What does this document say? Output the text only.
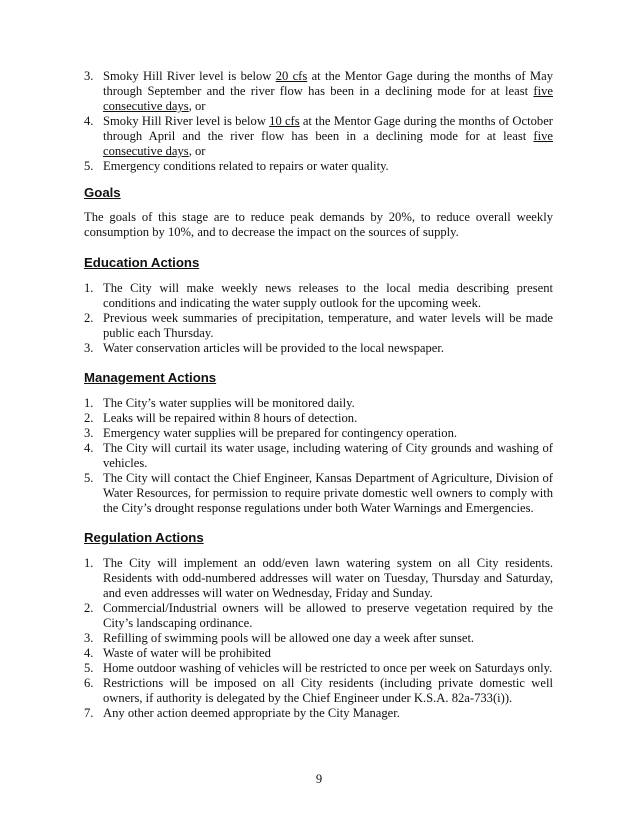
3. Smoky Hill River level is below 20 cfs at the Mentor Gage during the months of May through September and the river flow has been in a declining mode for at least five consecutive days, or
4. Smoky Hill River level is below 10 cfs at the Mentor Gage during the months of October through April and the river flow has been in a declining mode for at least five consecutive days, or
5. Emergency conditions related to repairs or water quality.
Goals

The goals of this stage are to reduce peak demands by 20%, to reduce overall weekly consumption by 10%, and to decrease the impact on the sources of supply.

Education Actions
1. The City will make weekly news releases to the local media describing present conditions and indicating the water supply outlook for the upcoming week.
2. Previous week summaries of precipitation, temperature, and water levels will be made public each Thursday.
3. Water conservation articles will be provided to the local newspaper.
Management Actions
1. The City’s water supplies will be monitored daily.
2. Leaks will be repaired within 8 hours of detection.
3. Emergency water supplies will be prepared for contingency operation.
4. The City will curtail its water usage, including watering of City grounds and washing of vehicles.
5. The City will contact the Chief Engineer, Kansas Department of Agriculture, Division of Water Resources, for permission to require private domestic well owners to comply with the City’s drought response regulations under both Water Warnings and Emergencies.
Regulation Actions
1. The City will implement an odd/even lawn watering system on all City residents. Residents with odd-numbered addresses will water on Tuesday, Thursday and Saturday, and even addresses will water on Wednesday, Friday and Sunday.
2. Commercial/Industrial owners will be allowed to preserve vegetation required by the City’s landscaping ordinance.
3. Refilling of swimming pools will be allowed one day a week after sunset.
4. Waste of water will be prohibited
5. Home outdoor washing of vehicles will be restricted to once per week on Saturdays only.
6. Restrictions will be imposed on all City residents (including private domestic well owners, if authority is delegated by the Chief Engineer under K.S.A. 82a-733(i)).
7. Any other action deemed appropriate by the City Manager.
9
